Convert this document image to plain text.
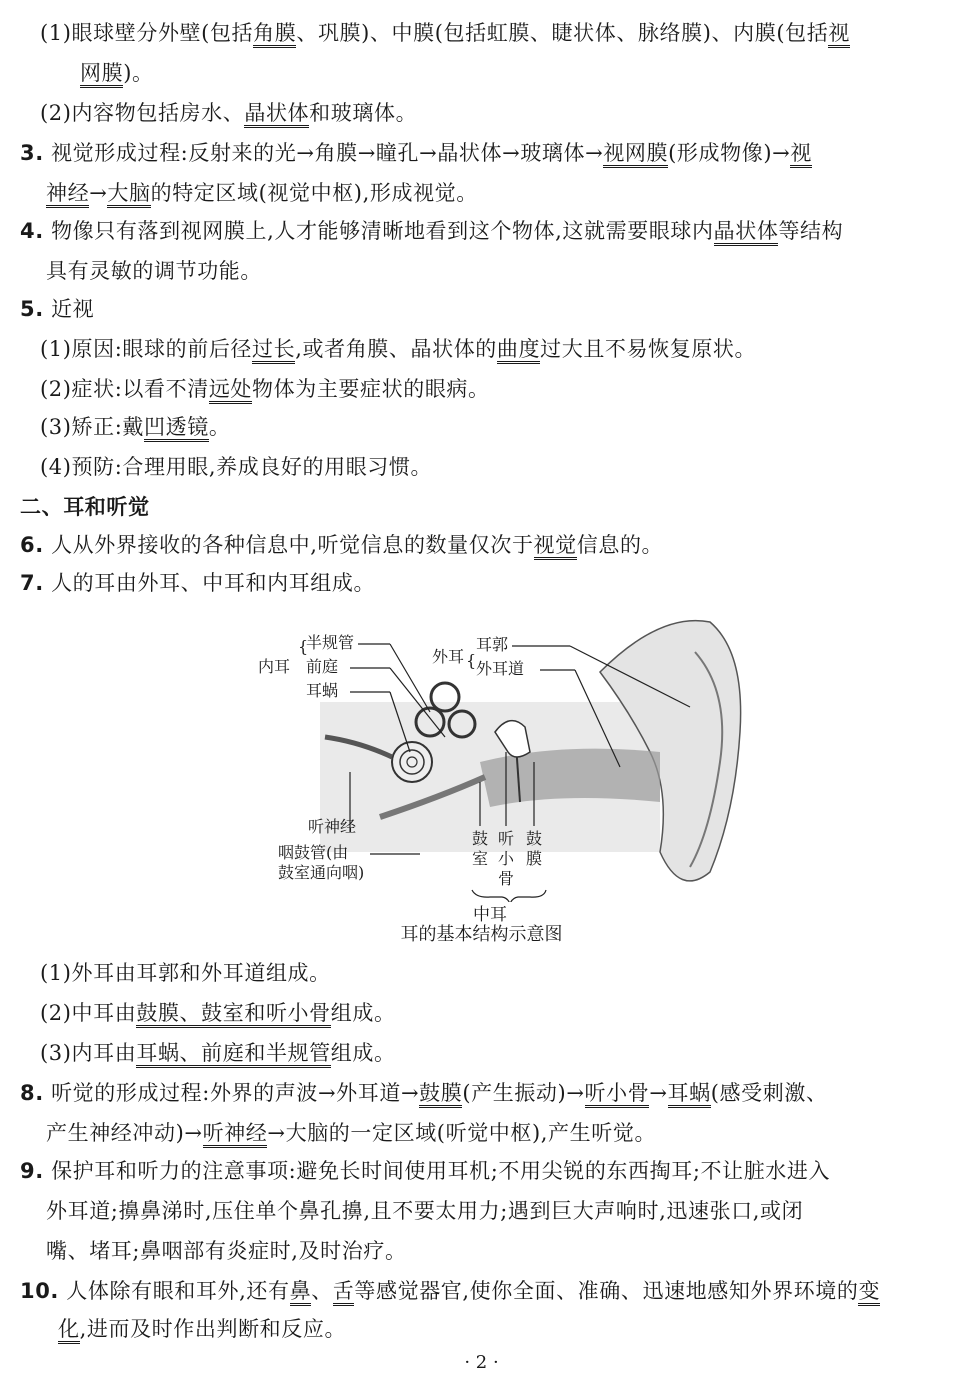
(1)眼球壁分外壁(包括角膜、巩膜)、中膜(包括虹膜、睫状体、脉络膜)、内膜(包括视
网膜)。
(2)内容物包括房水、晶状体和玻璃体。
3. 视觉形成过程:反射来的光→角膜→瞳孔→晶状体→玻璃体→视网膜(形成物像)→视
神经→大脑的特定区域(视觉中枢),形成视觉。
4. 物像只有落到视网膜上,人才能够清晰地看到这个物体,这就需要眼球内晶状体等结构
具有灵敏的调节功能。
5. 近视
(1)原因:眼球的前后径过长,或者角膜、晶状体的曲度过大且不易恢复原状。
(2)症状:以看不清远处物体为主要症状的眼病。
(3)矫正:戴凹透镜。
(4)预防:合理用眼,养成良好的用眼习惯。
二、耳和听觉
6. 人从外界接收的各种信息中,听觉信息的数量仅次于视觉信息的。
7. 人的耳由外耳、中耳和内耳组成。
内耳
{
半规管
前庭
耳蜗
外耳 {
耳郭
外耳道
听神经
咽鼓管(由
鼓室通向咽)
鼓
室
听
小
骨
鼓
膜
中耳
耳的基本结构示意图
(1)外耳由耳郭和外耳道组成。
(2)中耳由鼓膜、鼓室和听小骨组成。
(3)内耳由耳蜗、前庭和半规管组成。
8. 听觉的形成过程:外界的声波→外耳道→鼓膜(产生振动)→听小骨→耳蜗(感受刺激、
产生神经冲动)→听神经→大脑的一定区域(听觉中枢),产生听觉。
9. 保护耳和听力的注意事项:避免长时间使用耳机;不用尖锐的东西掏耳;不让脏水进入
外耳道;擤鼻涕时,压住单个鼻孔擤,且不要太用力;遇到巨大声响时,迅速张口,或闭
嘴、堵耳;鼻咽部有炎症时,及时治疗。
10. 人体除有眼和耳外,还有鼻、舌等感觉器官,使你全面、准确、迅速地感知外界环境的变
化,进而及时作出判断和反应。
· 2 ·
